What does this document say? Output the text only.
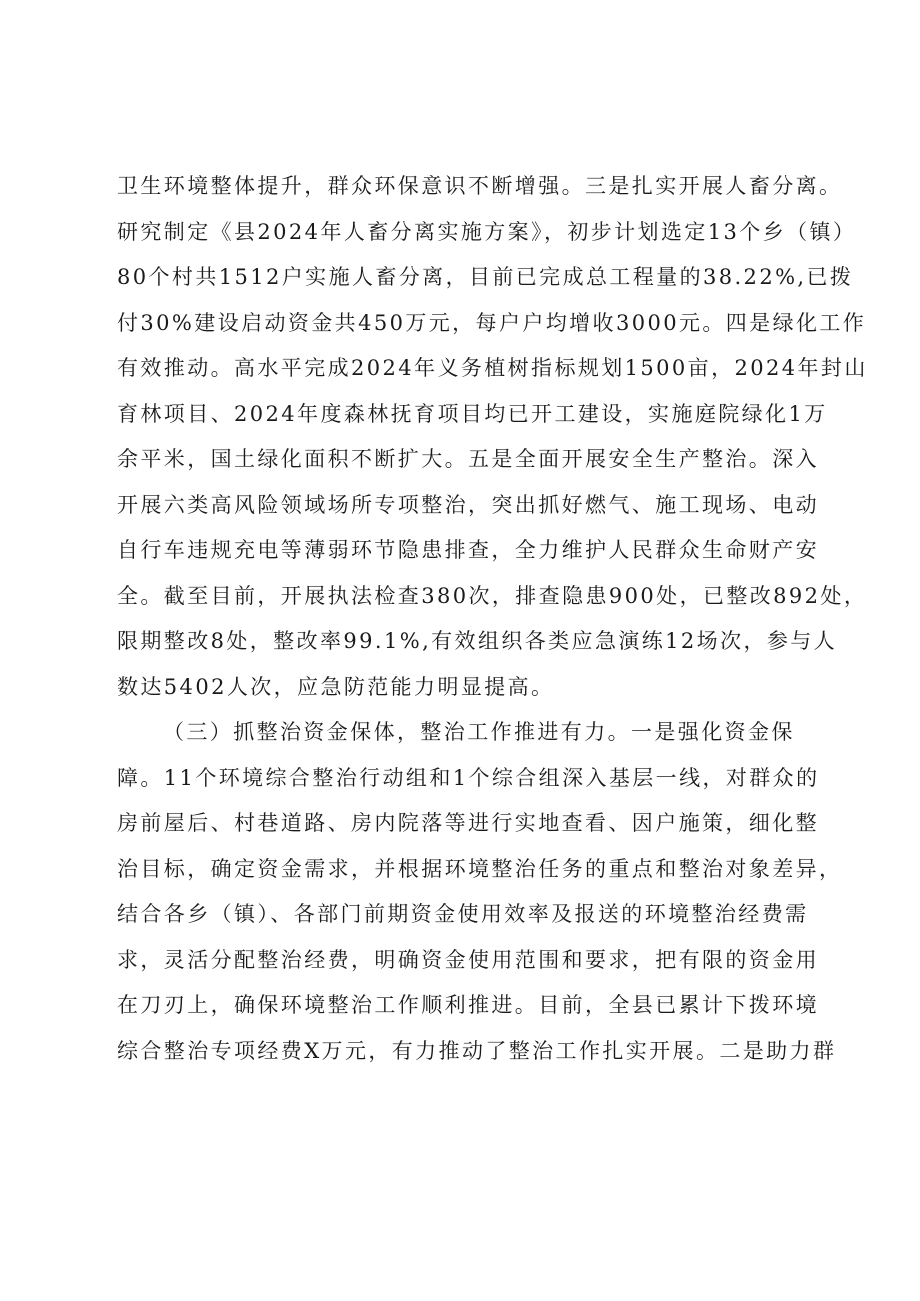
卫生环境整体提升，群众环保意识不断增强。三是扎实开展人畜分离。
研究制定《县2024年人畜分离实施方案》，初步计划选定13个乡（镇）
80个村共1512户实施人畜分离，目前已完成总工程量的38.22%,已拨
付30%建设启动资金共450万元，每户户均增收3000元。四是绿化工作
有效推动。高水平完成2024年义务植树指标规划1500亩，2024年封山
育林项目、2024年度森林抚育项目均已开工建设，实施庭院绿化1万
余平米，国土绿化面积不断扩大。五是全面开展安全生产整治。深入
开展六类高风险领域场所专项整治，突出抓好燃气、施工现场、电动
自行车违规充电等薄弱环节隐患排查，全力维护人民群众生命财产安
全。截至目前，开展执法检查380次，排查隐患900处，已整改892处，
限期整改8处，整改率99.1%,有效组织各类应急演练12场次，参与人
数达5402人次，应急防范能力明显提高。
（三）抓整治资金保体，整治工作推进有力。一是强化资金保
障。11个环境综合整治行动组和1个综合组深入基层一线，对群众的
房前屋后、村巷道路、房内院落等进行实地查看、因户施策，细化整
治目标，确定资金需求，并根据环境整治任务的重点和整治对象差异，
结合各乡（镇）、各部门前期资金使用效率及报送的环境整治经费需
求，灵活分配整治经费，明确资金使用范围和要求，把有限的资金用
在刀刃上，确保环境整治工作顺利推进。目前，全县已累计下拨环境
综合整治专项经费X万元，有力推动了整治工作扎实开展。二是助力群
